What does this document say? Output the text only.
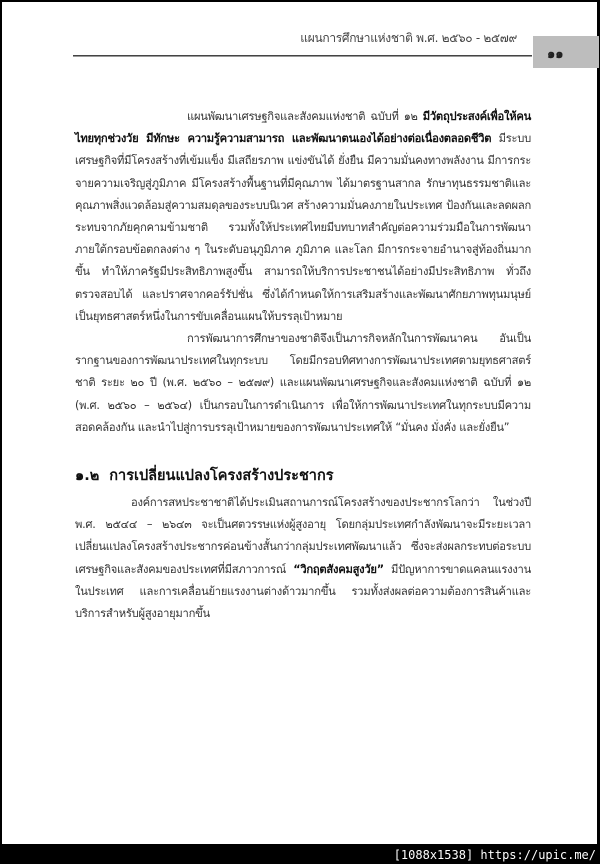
แผนการศึกษาแห่งชาติ พ.ศ. ๒๕๖๐ - ๒๕๗๙
๑๑

แผนพัฒนาเศรษฐกิจและสังคมแห่งชาติ ฉบับที่ ๑๒ มีวัตถุประสงค์เพื่อให้คนไทยทุกช่วงวัย มีทักษะ ความรู้ความสามารถ และพัฒนาตนเองได้อย่างต่อเนื่องตลอดชีวิต มีระบบเศรษฐกิจที่มีโครงสร้างที่เข้มแข็ง มีเสถียรภาพ แข่งขันได้ ยั่งยืน มีความมั่นคงทางพลังงาน มีการกระจายความเจริญสู่ภูมิภาค มีโครงสร้างพื้นฐานที่มีคุณภาพ ได้มาตรฐานสากล รักษาทุนธรรมชาติและคุณภาพสิ่งแวดล้อมสู่ความสมดุลของระบบนิเวศ สร้างความมั่นคงภายในประเทศ ป้องกันและลดผลกระทบจากภัยคุกคามข้ามชาติ รวมทั้งให้ประเทศไทยมีบทบาทสำคัญต่อความร่วมมือในการพัฒนาภายใต้กรอบข้อตกลงต่าง ๆ ในระดับอนุภูมิภาค ภูมิภาค และโลก มีการกระจายอำนาจสู่ท้องถิ่นมากขึ้น ทำให้ภาครัฐมีประสิทธิภาพสูงขึ้น สามารถให้บริการประชาชนได้อย่างมีประสิทธิภาพ ทั่วถึง ตรวจสอบได้ และปราศจากคอร์รัปชั่น ซึ่งได้กำหนดให้การเสริมสร้างและพัฒนาศักยภาพทุนมนุษย์เป็นยุทธศาสตร์หนึ่งในการขับเคลื่อนแผนให้บรรลุเป้าหมาย

การพัฒนาการศึกษาของชาติจึงเป็นภารกิจหลักในการพัฒนาคน อันเป็นรากฐานของการพัฒนาประเทศในทุกระบบ โดยมีกรอบทิศทางการพัฒนาประเทศตามยุทธศาสตร์ชาติ ระยะ ๒๐ ปี (พ.ศ. ๒๕๖๐ – ๒๕๗๙) และแผนพัฒนาเศรษฐกิจและสังคมแห่งชาติ ฉบับที่ ๑๒ (พ.ศ. ๒๕๖๐ – ๒๕๖๔) เป็นกรอบในการดำเนินการ เพื่อให้การพัฒนาประเทศในทุกระบบมีความสอดคล้องกัน และนำไปสู่การบรรลุเป้าหมายของการพัฒนาประเทศให้ “มั่นคง มั่งคั่ง และยั่งยืน”

๑.๒ การเปลี่ยนแปลงโครงสร้างประชากร

องค์การสหประชาชาติได้ประเมินสถานการณ์โครงสร้างของประชากรโลกว่า ในช่วงปี พ.ศ. ๒๕๔๔ – ๒๖๔๓ จะเป็นศตวรรษแห่งผู้สูงอายุ โดยกลุ่มประเทศกำลังพัฒนาจะมีระยะเวลาเปลี่ยนแปลงโครงสร้างประชากรค่อนข้างสั้นกว่ากลุ่มประเทศพัฒนาแล้ว ซึ่งจะส่งผลกระทบต่อระบบเศรษฐกิจและสังคมของประเทศที่มีสภาวการณ์ “วิกฤตสังคมสูงวัย” มีปัญหาการขาดแคลนแรงงานในประเทศ และการเคลื่อนย้ายแรงงานต่างด้าวมากขึ้น รวมทั้งส่งผลต่อความต้องการสินค้าและบริการสำหรับผู้สูงอายุมากขึ้น

[1088x1538] https://upic.me/
